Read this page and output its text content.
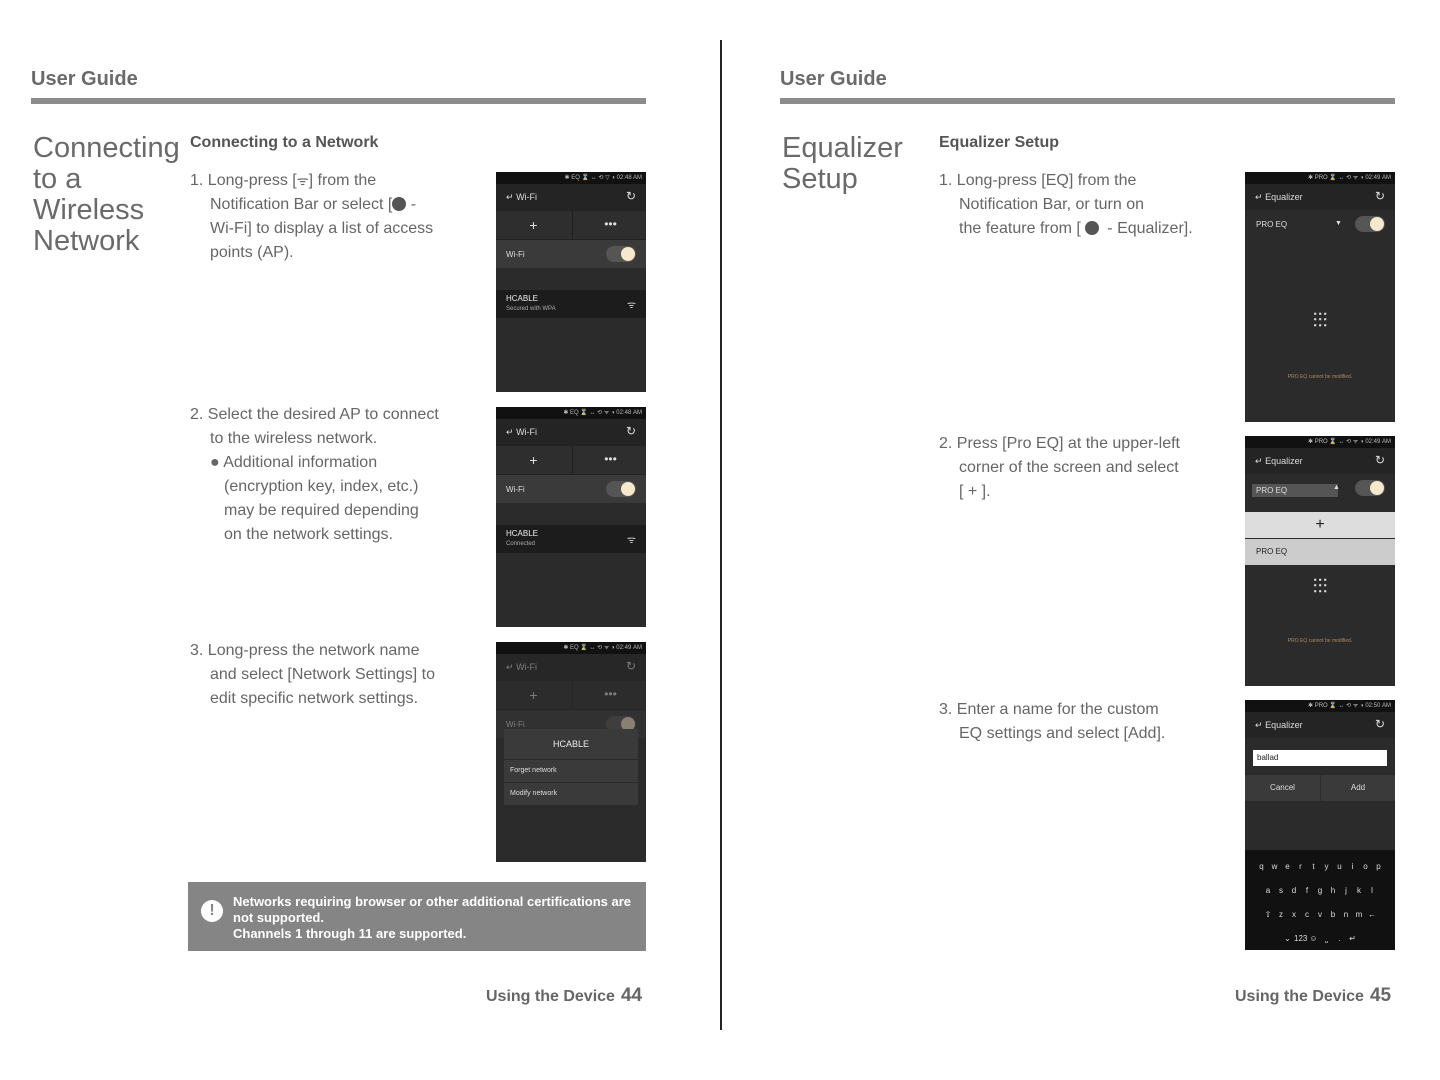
User Guide
Connecting
to a
Wireless
Network
Connecting to a Network
1. Long-press [ᯤ] from the
Notification Bar or select [ -
Wi-Fi] to display a list of access
points (AP).
2. Select the desired AP to connect
to the wireless network.
● Additional information
(encryption key, index, etc.)
may be required depending
on the network settings.
3. Long-press the network name
and select [Network Settings] to
edit specific network settings.
✱ EQ ⌛ ↔ ⟲ ▽ ◑ 02:48 AM
↵ Wi-Fi	↻
+	•••
Wi-Fi
HCABLE
Secured with WPA	ᯤ
✱ EQ ⌛ ↔ ⟲ ᯤ ◑ 02:48 AM
↵ Wi-Fi	↻
+	•••
Wi-Fi
HCABLE
Connected	ᯤ
✱ EQ ⌛ ↔ ⟲ ᯤ ◑ 02:49 AM
↵ Wi-Fi	↻
+	•••
Wi-Fi
HCABLE
Forget network
Modify network
!
Networks requiring browser or other additional certifications are
not supported.
Channels 1 through 11 are supported.
Using the Device 44
User Guide
Equalizer
Setup
Equalizer Setup
1. Long-press [EQ] from the
Notification Bar, or turn on
the feature from [ - Equalizer].
2. Press [Pro EQ] at the upper-left
corner of the screen and select
[ + ].
3. Enter a name for the custom
EQ settings and select [Add].
✱ PRO ⌛ ↔ ⟲ ᯤ ◑ 02:49 AM
↵ Equalizer	↻
PRO EQ	▼
⫶⫶⫶
PRO EQ cannot be modified.
✱ PRO ⌛ ↔ ⟲ ᯤ ◑ 02:49 AM
↵ Equalizer	↻
PRO EQ	▲
+
PRO EQ
⫶⫶⫶
PRO EQ cannot be modified.
✱ PRO ⌛ ↔ ⟲ ᯤ ◑ 02:50 AM
↵ Equalizer	↻
ballad
Cancel	Add
q w e r t y u i o p
a s d f g h j k l
⇧ z x c v b n m ←
⌄ 123 ☺ ⎵ . ↵
Using the Device 45
